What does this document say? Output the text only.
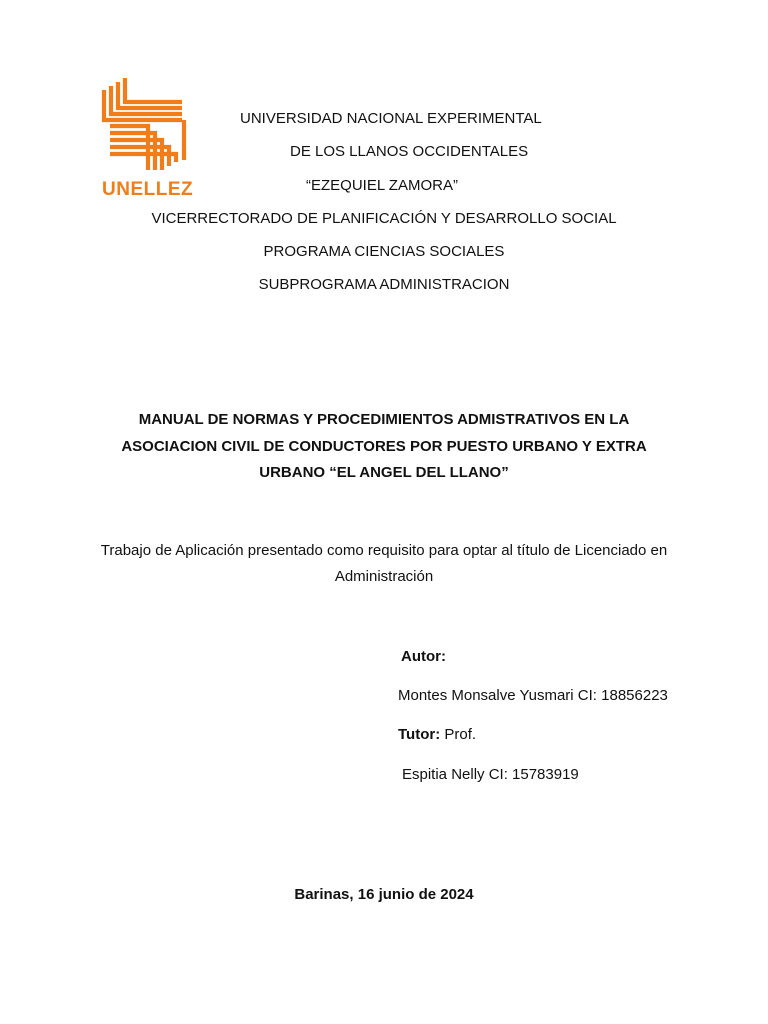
UNELLEZ
UNIVERSIDAD NACIONAL EXPERIMENTAL
DE LOS LLANOS OCCIDENTALES
“EZEQUIEL ZAMORA”
VICERRECTORADO DE PLANIFICACIÓN Y DESARROLLO SOCIAL
PROGRAMA CIENCIAS SOCIALES
SUBPROGRAMA ADMINISTRACION
MANUAL DE NORMAS Y PROCEDIMIENTOS ADMISTRATIVOS EN LA
ASOCIACION CIVIL DE CONDUCTORES POR PUESTO URBANO Y EXTRA
URBANO “EL ANGEL DEL LLANO”
Trabajo de Aplicación presentado como requisito para optar al título de Licenciado en
Administración
Autor:
Montes Monsalve Yusmari CI: 18856223
Tutor: Prof.
Espitia Nelly CI: 15783919
Barinas, 16 junio de 2024
